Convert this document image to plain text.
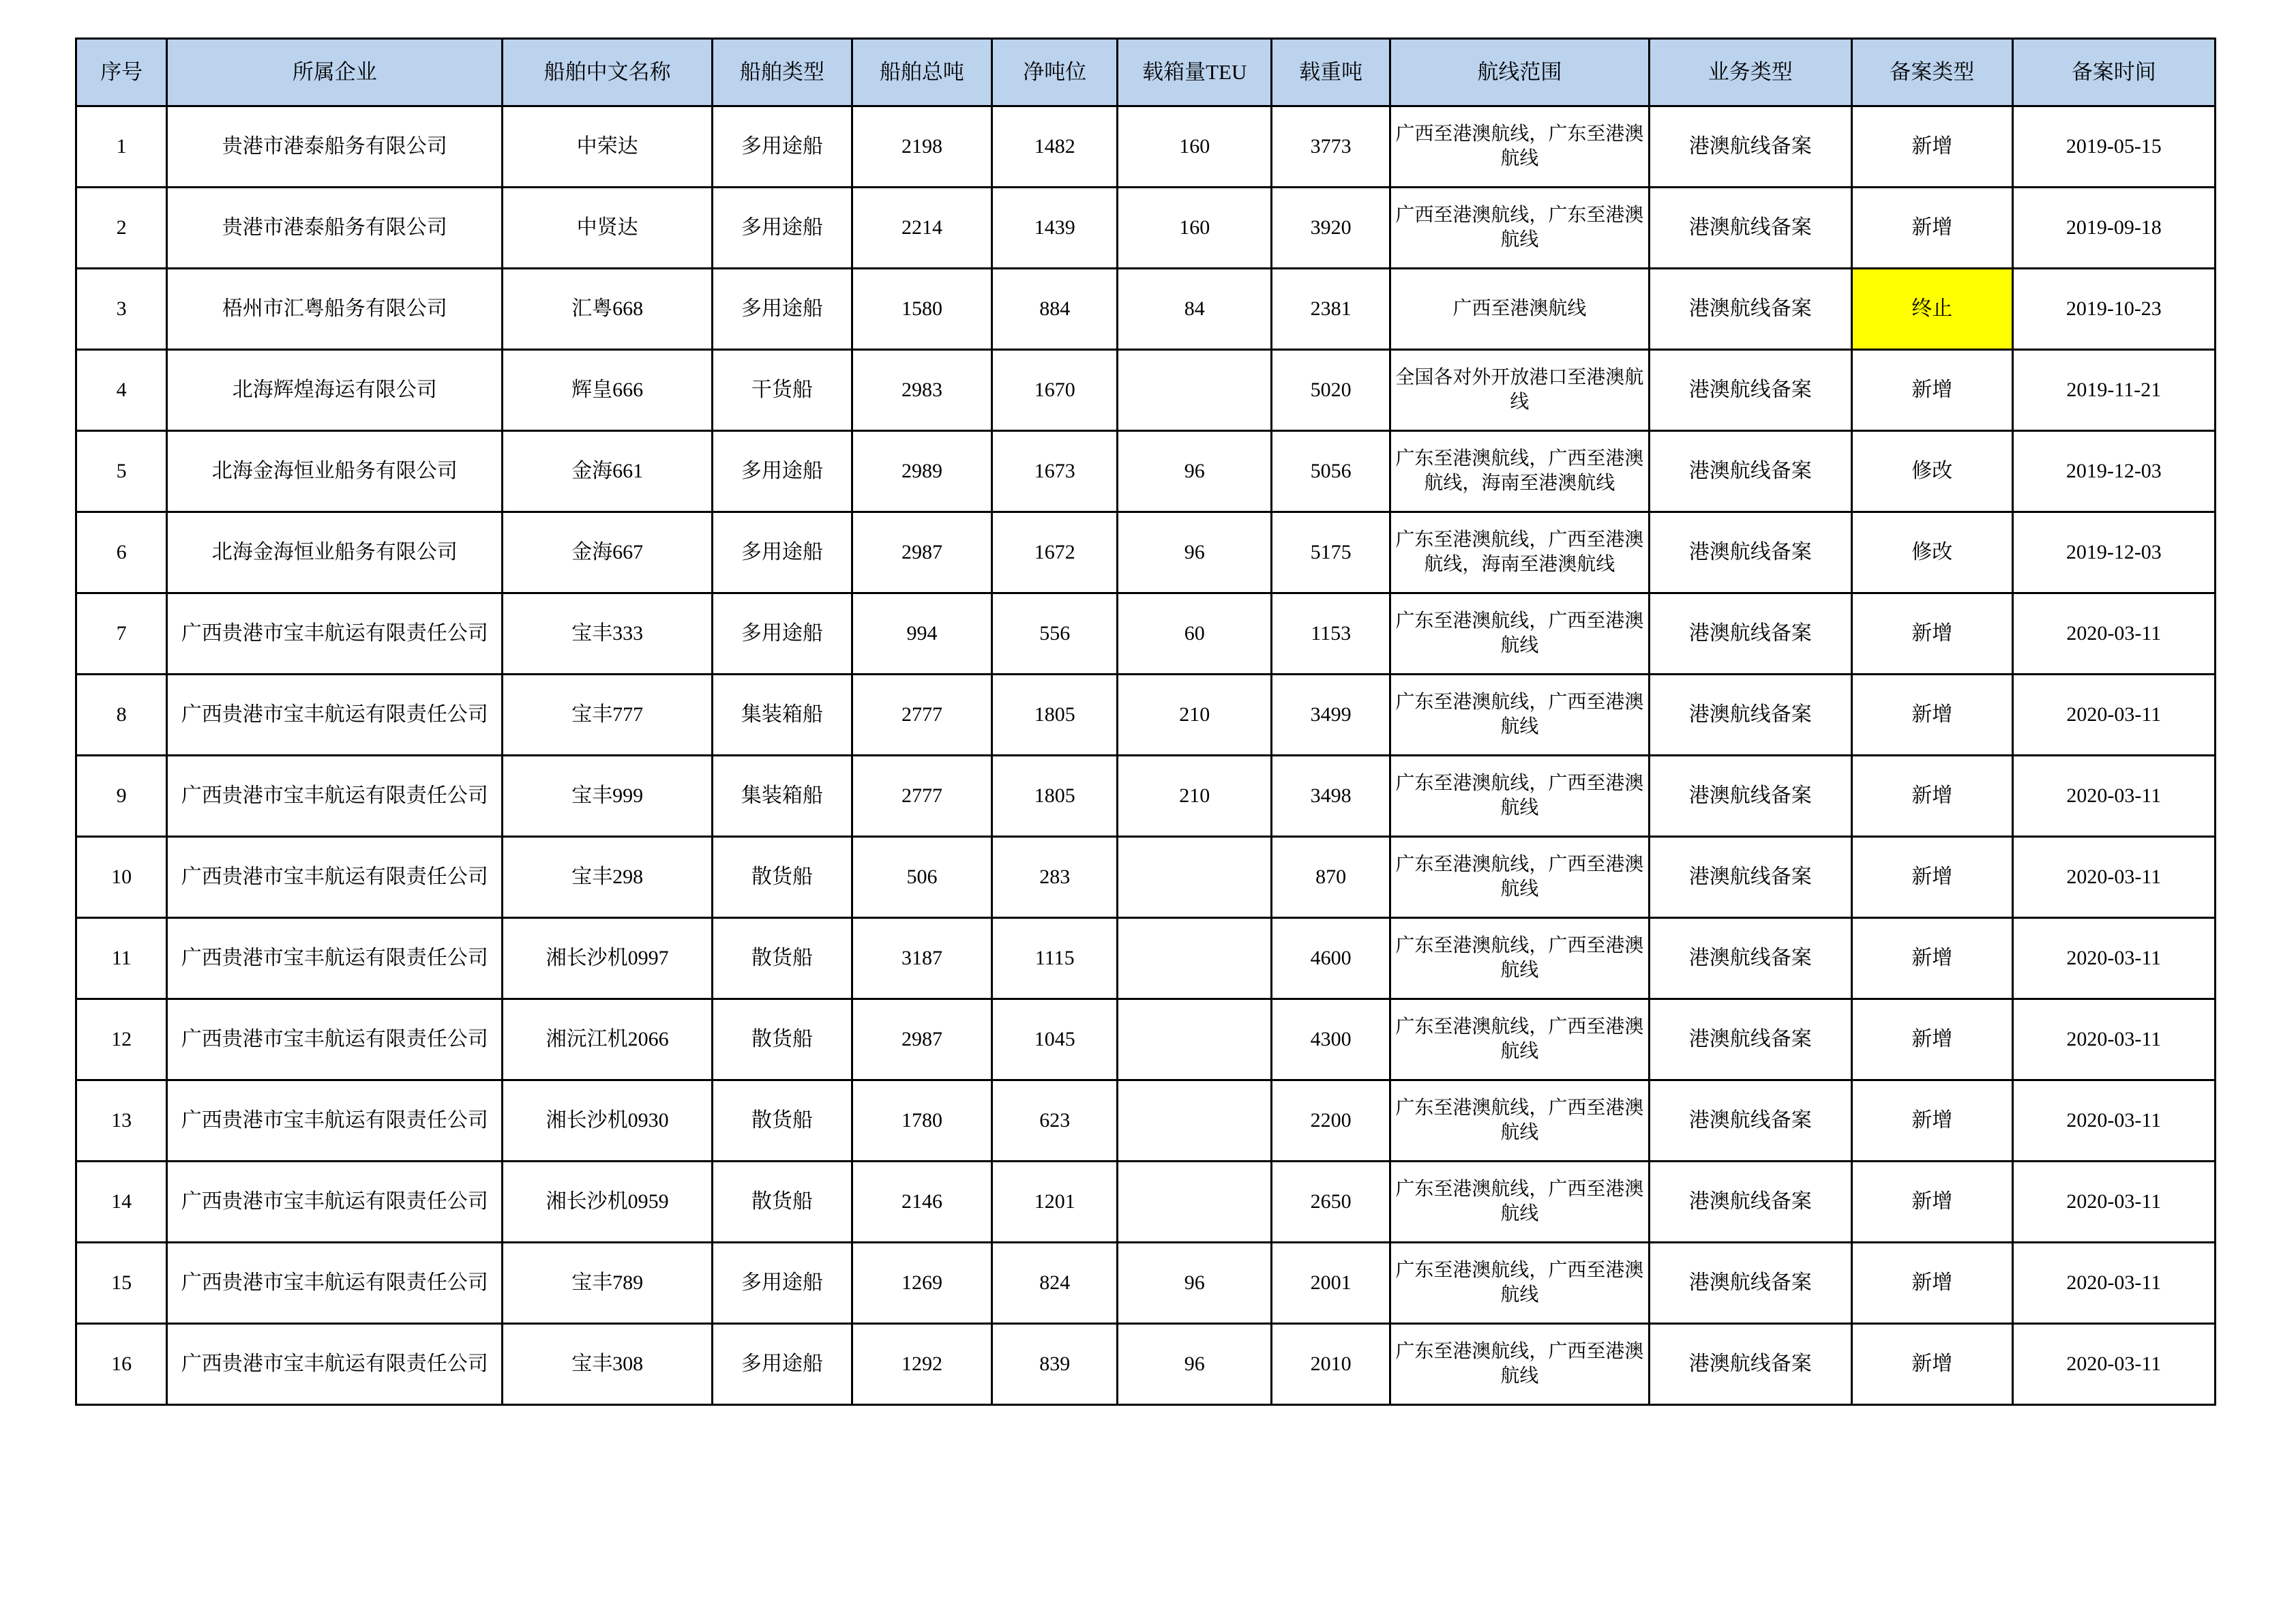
序号	所属企业	船舶中文名称	船舶类型	船舶总吨	净吨位	载箱量TEU	载重吨	航线范围	业务类型	备案类型	备案时间
1	贵港市港泰船务有限公司	中荣达	多用途船	2198	1482	160	3773	广西至港澳航线，广东至港澳航线	港澳航线备案	新增	2019-05-15
2	贵港市港泰船务有限公司	中贤达	多用途船	2214	1439	160	3920	广西至港澳航线，广东至港澳航线	港澳航线备案	新增	2019-09-18
3	梧州市汇粤船务有限公司	汇粤668	多用途船	1580	884	84	2381	广西至港澳航线	港澳航线备案	终止	2019-10-23
4	北海辉煌海运有限公司	辉皇666	干货船	2983	1670		5020	全国各对外开放港口至港澳航线	港澳航线备案	新增	2019-11-21
5	北海金海恒业船务有限公司	金海661	多用途船	2989	1673	96	5056	广东至港澳航线，广西至港澳航线，海南至港澳航线	港澳航线备案	修改	2019-12-03
6	北海金海恒业船务有限公司	金海667	多用途船	2987	1672	96	5175	广东至港澳航线，广西至港澳航线，海南至港澳航线	港澳航线备案	修改	2019-12-03
7	广西贵港市宝丰航运有限责任公司	宝丰333	多用途船	994	556	60	1153	广东至港澳航线，广西至港澳航线	港澳航线备案	新增	2020-03-11
8	广西贵港市宝丰航运有限责任公司	宝丰777	集装箱船	2777	1805	210	3499	广东至港澳航线，广西至港澳航线	港澳航线备案	新增	2020-03-11
9	广西贵港市宝丰航运有限责任公司	宝丰999	集装箱船	2777	1805	210	3498	广东至港澳航线，广西至港澳航线	港澳航线备案	新增	2020-03-11
10	广西贵港市宝丰航运有限责任公司	宝丰298	散货船	506	283		870	广东至港澳航线，广西至港澳航线	港澳航线备案	新增	2020-03-11
11	广西贵港市宝丰航运有限责任公司	湘长沙机0997	散货船	3187	1115		4600	广东至港澳航线，广西至港澳航线	港澳航线备案	新增	2020-03-11
12	广西贵港市宝丰航运有限责任公司	湘沅江机2066	散货船	2987	1045		4300	广东至港澳航线，广西至港澳航线	港澳航线备案	新增	2020-03-11
13	广西贵港市宝丰航运有限责任公司	湘长沙机0930	散货船	1780	623		2200	广东至港澳航线，广西至港澳航线	港澳航线备案	新增	2020-03-11
14	广西贵港市宝丰航运有限责任公司	湘长沙机0959	散货船	2146	1201		2650	广东至港澳航线，广西至港澳航线	港澳航线备案	新增	2020-03-11
15	广西贵港市宝丰航运有限责任公司	宝丰789	多用途船	1269	824	96	2001	广东至港澳航线，广西至港澳航线	港澳航线备案	新增	2020-03-11
16	广西贵港市宝丰航运有限责任公司	宝丰308	多用途船	1292	839	96	2010	广东至港澳航线，广西至港澳航线	港澳航线备案	新增	2020-03-11
